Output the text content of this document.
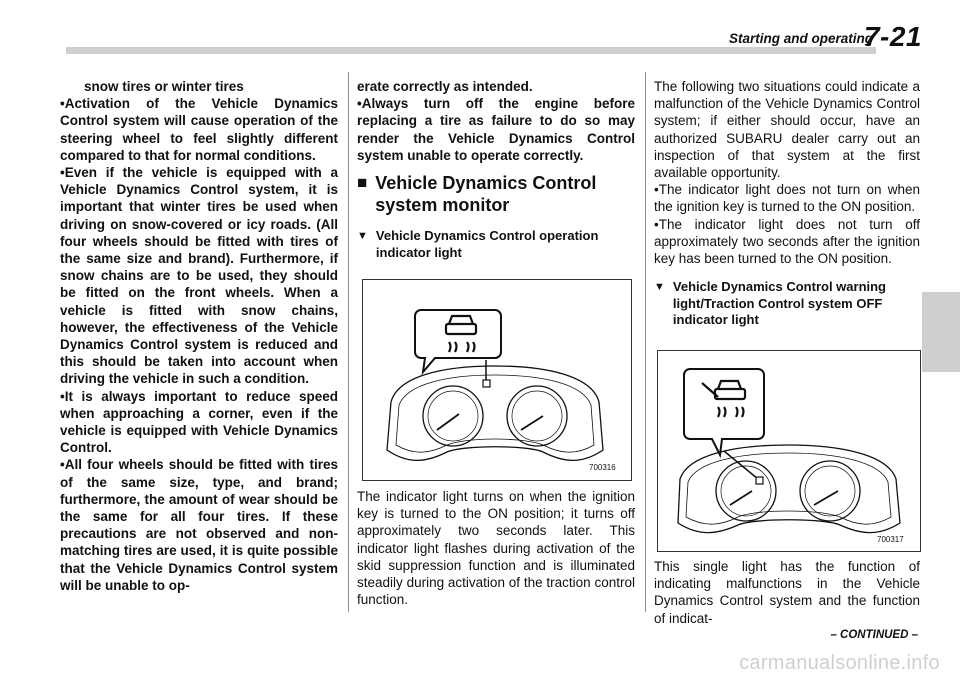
Starting and operating
7-21

snow tires or winter tires

• Activation of the Vehicle Dynamics Control system will cause operation of the steering wheel to feel slightly different compared to that for normal conditions.

• Even if the vehicle is equipped with a Vehicle Dynamics Control system, it is important that winter tires be used when driving on snow-covered or icy roads. (All four wheels should be fitted with tires of the same size and brand). Furthermore, if snow chains are to be used, they should be fitted on the front wheels. When a vehicle is fitted with snow chains, however, the effectiveness of the Vehicle Dynamics Control system is reduced and this should be taken into account when driving the vehicle in such a condition.

• It is always important to reduce speed when approaching a corner, even if the vehicle is equipped with Vehicle Dynamics Control.

• All four wheels should be fitted with tires of the same size, type, and brand; furthermore, the amount of wear should be the same for all four tires. If these precautions are not observed and non-matching tires are used, it is quite possible that the Vehicle Dynamics Control system will be unable to op-

erate correctly as intended.

• Always turn off the engine before replacing a tire as failure to do so may render the Vehicle Dynamics Control system unable to operate correctly.

■ Vehicle Dynamics Control system monitor
▼ Vehicle Dynamics Control operation indicator light
700316

The indicator light turns on when the ignition key is turned to the ON position; it turns off approximately two seconds later. This indicator light flashes during activation of the skid suppression function and is illuminated steadily during activation of the traction control function.

The following two situations could indicate a malfunction of the Vehicle Dynamics Control system; if either should occur, have an authorized SUBARU dealer carry out an inspection of that system at the first available opportunity.

• The indicator light does not turn on when the ignition key is turned to the ON position.

• The indicator light does not turn off approximately two seconds after the ignition key has been turned to the ON position.

▼ Vehicle Dynamics Control warning light/Traction Control system OFF indicator light
700317

This single light has the function of indicating malfunctions in the Vehicle Dynamics Control system and the function of indicat-

– CONTINUED –
carmanualsonline.info
